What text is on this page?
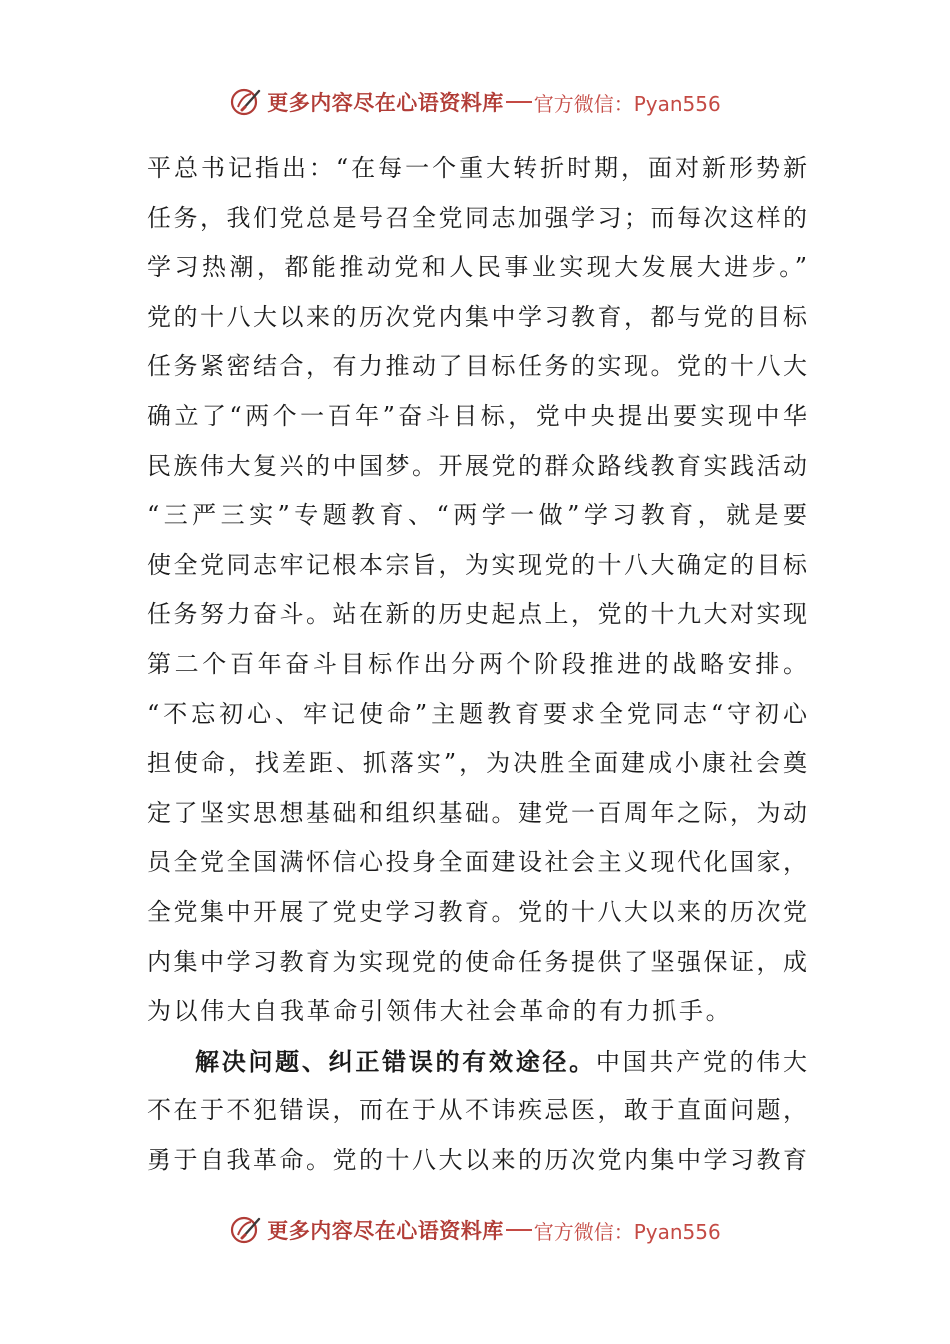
更多内容尽在心语资料库 官方微信：Pyan556
平总书记指出：“在每一个重大转折时期，面对新形势新
任务，我们党总是号召全党同志加强学习；而每次这样的
学习热潮，都能推动党和人民事业实现大发展大进步。”
党的十八大以来的历次党内集中学习教育，都与党的目标
任务紧密结合，有力推动了目标任务的实现。党的十八大
确立了“两个一百年”奋斗目标，党中央提出要实现中华
民族伟大复兴的中国梦。开展党的群众路线教育实践活动
“三严三实”专题教育、“两学一做”学习教育，就是要
使全党同志牢记根本宗旨，为实现党的十八大确定的目标
任务努力奋斗。站在新的历史起点上，党的十九大对实现
第二个百年奋斗目标作出分两个阶段推进的战略安排。
“不忘初心、牢记使命”主题教育要求全党同志“守初心
担使命，找差距、抓落实”，为决胜全面建成小康社会奠
定了坚实思想基础和组织基础。建党一百周年之际，为动
员全党全国满怀信心投身全面建设社会主义现代化国家，
全党集中开展了党史学习教育。党的十八大以来的历次党
内集中学习教育为实现党的使命任务提供了坚强保证，成
为以伟大自我革命引领伟大社会革命的有力抓手。
解决问题、纠正错误的有效途径。中国共产党的伟大
不在于不犯错误，而在于从不讳疾忌医，敢于直面问题，
勇于自我革命。党的十八大以来的历次党内集中学习教育
更多内容尽在心语资料库 官方微信：Pyan556
